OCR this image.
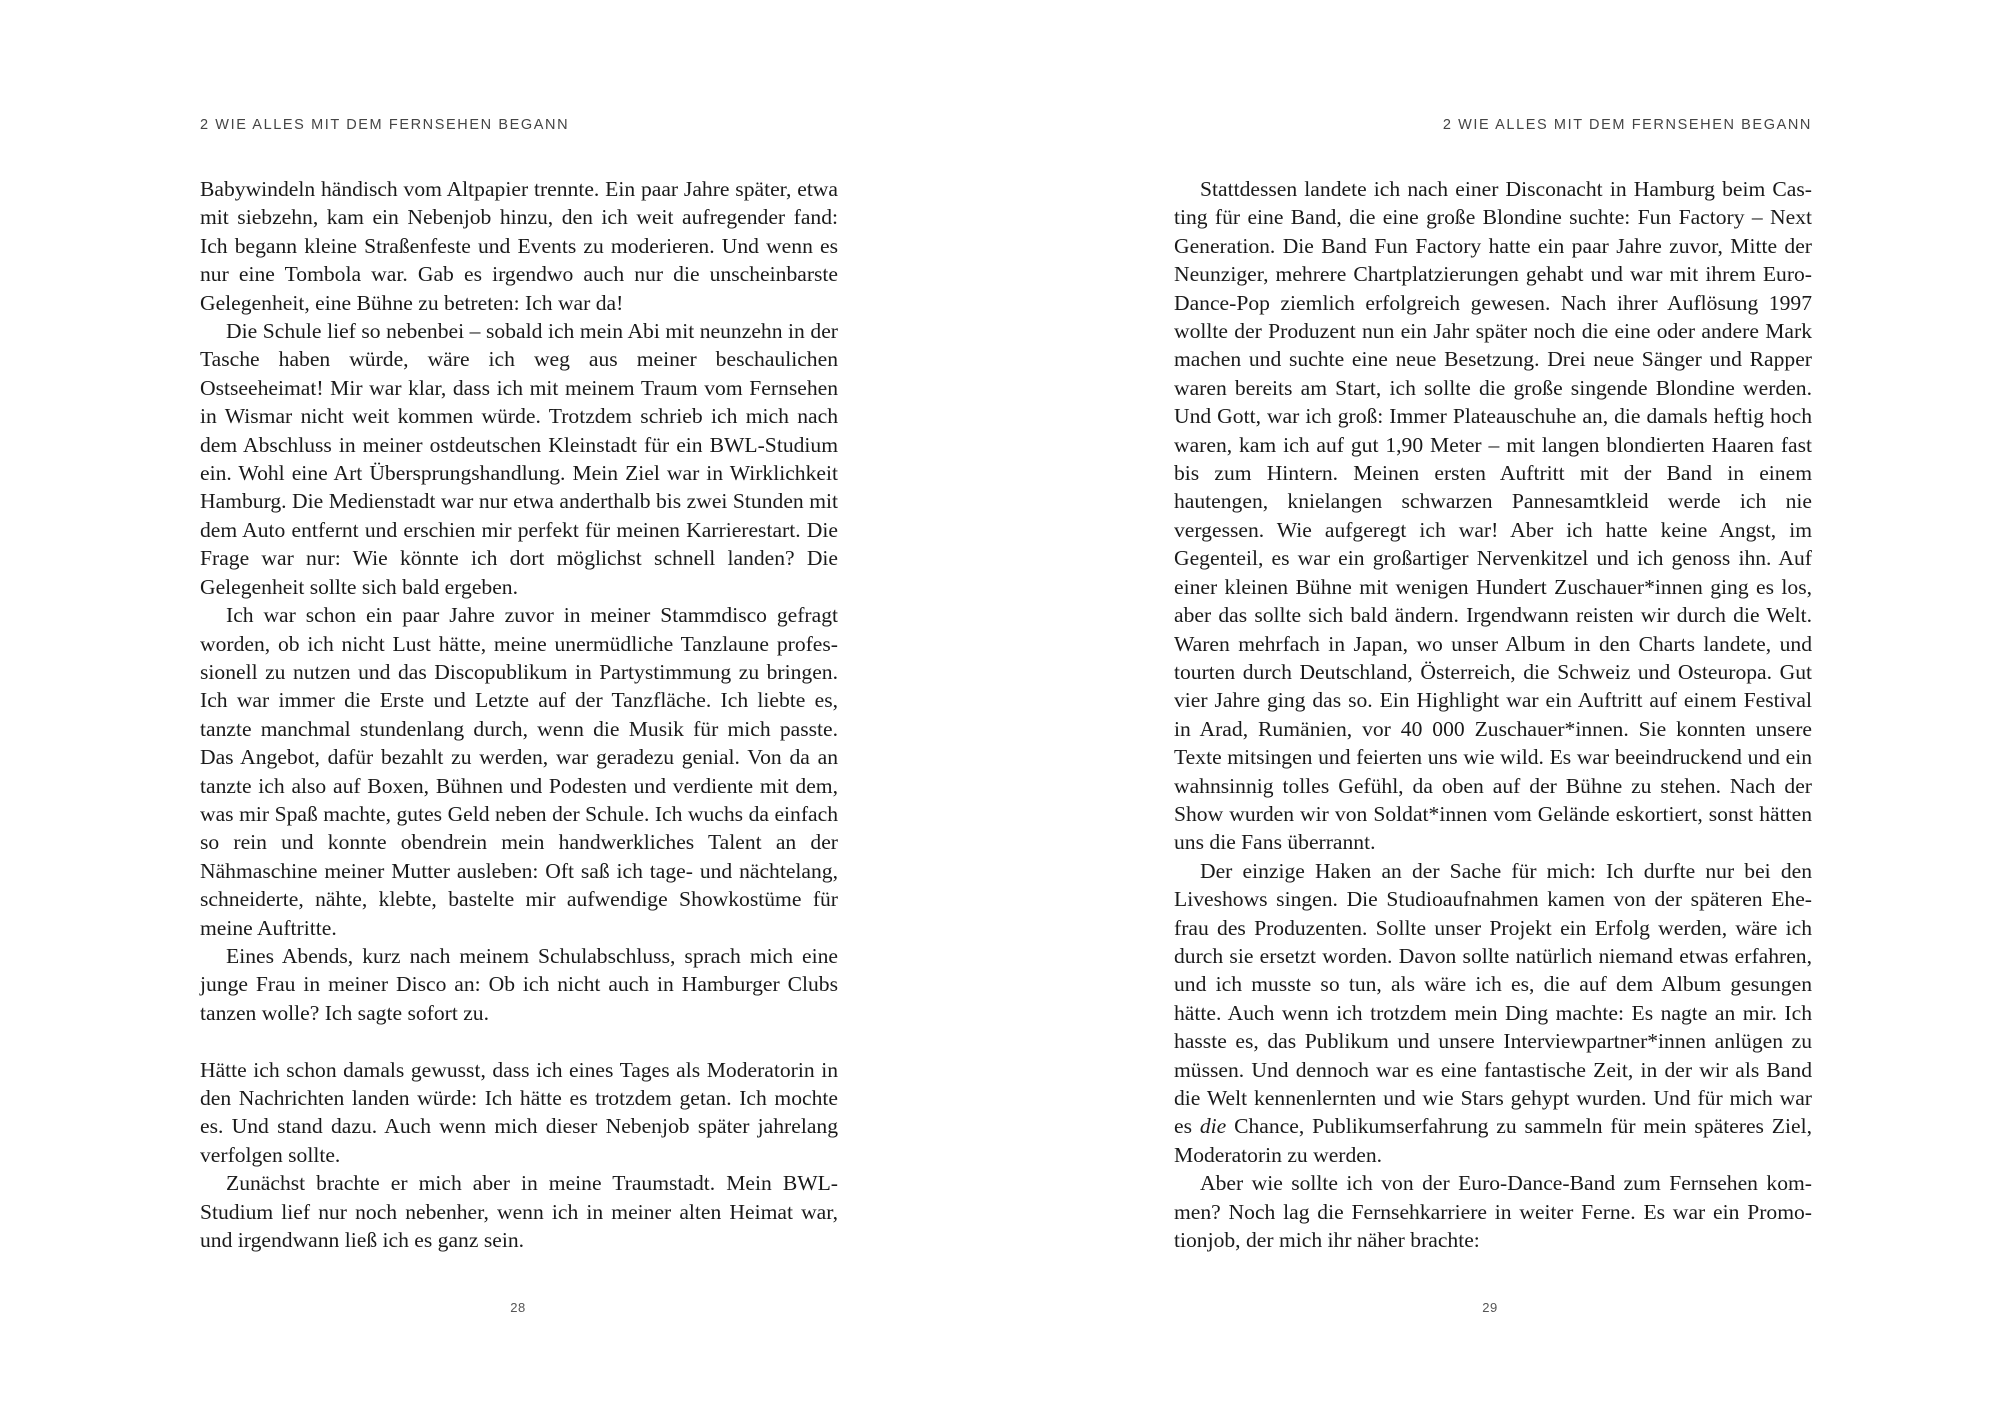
2 WIE ALLES MIT DEM FERNSEHEN BEGANN

Babywindeln händisch vom Altpapier trennte. Ein paar Jahre später, etwa mit siebzehn, kam ein Nebenjob hinzu, den ich weit aufregender fand: Ich begann kleine Straßenfeste und Events zu moderieren. Und wenn es nur eine Tombola war. Gab es irgendwo auch nur die unscheinbarste Gelegenheit, eine Bühne zu betreten: Ich war da!

Die Schule lief so nebenbei – sobald ich mein Abi mit neunzehn in der Tasche haben würde, wäre ich weg aus meiner beschaulichen Ostseeheimat! Mir war klar, dass ich mit meinem Traum vom Fernsehen in Wismar nicht weit kommen würde. Trotzdem schrieb ich mich nach dem Abschluss in meiner ostdeutschen Kleinstadt für ein BWL-Studium ein. Wohl eine Art Übersprungshandlung. Mein Ziel war in Wirklichkeit Hamburg. Die Medienstadt war nur etwa anderthalb bis zwei Stunden mit dem Auto entfernt und erschien mir perfekt für meinen Karrierestart. Die Frage war nur: Wie könnte ich dort möglichst schnell landen? Die Gelegenheit sollte sich bald ergeben.

Ich war schon ein paar Jahre zuvor in meiner Stammdisco gefragt worden, ob ich nicht Lust hätte, meine unermüdliche Tanzlaune professionell zu nutzen und das Discopublikum in Partystimmung zu bringen. Ich war immer die Erste und Letzte auf der Tanzfläche. Ich liebte es, tanzte manchmal stundenlang durch, wenn die Musik für mich passte. Das Angebot, dafür bezahlt zu werden, war geradezu genial. Von da an tanzte ich also auf Boxen, Bühnen und Podesten und verdiente mit dem, was mir Spaß machte, gutes Geld neben der Schule. Ich wuchs da einfach so rein und konnte obendrein mein handwerkliches Talent an der Nähmaschine meiner Mutter ausleben: Oft saß ich tage- und nächtelang, schneiderte, nähte, klebte, bastelte mir aufwendige Showkostüme für meine Auftritte.

Eines Abends, kurz nach meinem Schulabschluss, sprach mich eine junge Frau in meiner Disco an: Ob ich nicht auch in Hamburger Clubs tanzen wolle? Ich sagte sofort zu.

Hätte ich schon damals gewusst, dass ich eines Tages als Moderatorin in den Nachrichten landen würde: Ich hätte es trotzdem getan. Ich mochte es. Und stand dazu. Auch wenn mich dieser Nebenjob später jahrelang verfolgen sollte.

Zunächst brachte er mich aber in meine Traumstadt. Mein BWL-Studium lief nur noch nebenher, wenn ich in meiner alten Heimat war, und irgendwann ließ ich es ganz sein.

28
2 WIE ALLES MIT DEM FERNSEHEN BEGANN

Stattdessen landete ich nach einer Disconacht in Hamburg beim Casting für eine Band, die eine große Blondine suchte: Fun Factory – Next Generation. Die Band Fun Factory hatte ein paar Jahre zuvor, Mitte der Neunziger, mehrere Chartplatzierungen gehabt und war mit ihrem Euro-Dance-Pop ziemlich erfolgreich gewesen. Nach ihrer Auflösung 1997 wollte der Produzent nun ein Jahr später noch die eine oder andere Mark machen und suchte eine neue Besetzung. Drei neue Sänger und Rapper waren bereits am Start, ich sollte die große singende Blondine werden. Und Gott, war ich groß: Immer Plateauschuhe an, die damals heftig hoch waren, kam ich auf gut 1,90 Meter – mit langen blondierten Haaren fast bis zum Hintern. Meinen ersten Auftritt mit der Band in einem hautengen, knielangen schwarzen Pannesamtkleid werde ich nie vergessen. Wie aufgeregt ich war! Aber ich hatte keine Angst, im Gegenteil, es war ein großartiger Nervenkitzel und ich genoss ihn. Auf einer kleinen Bühne mit wenigen Hundert Zuschauer*innen ging es los, aber das sollte sich bald ändern. Irgendwann reisten wir durch die Welt. Waren mehrfach in Japan, wo unser Album in den Charts landete, und tourten durch Deutschland, Österreich, die Schweiz und Osteuropa. Gut vier Jahre ging das so. Ein Highlight war ein Auftritt auf einem Festival in Arad, Rumänien, vor 40 000 Zuschauer*innen. Sie konnten unsere Texte mitsingen und feierten uns wie wild. Es war beeindruckend und ein wahnsinnig tolles Gefühl, da oben auf der Bühne zu stehen. Nach der Show wurden wir von Soldat*innen vom Gelände eskortiert, sonst hätten uns die Fans überrannt.

Der einzige Haken an der Sache für mich: Ich durfte nur bei den Liveshows singen. Die Studioaufnahmen kamen von der späteren Ehefrau des Produzenten. Sollte unser Projekt ein Erfolg werden, wäre ich durch sie ersetzt worden. Davon sollte natürlich niemand etwas erfahren, und ich musste so tun, als wäre ich es, die auf dem Album gesungen hätte. Auch wenn ich trotzdem mein Ding machte: Es nagte an mir. Ich hasste es, das Publikum und unsere Interviewpartner*innen anlügen zu müssen. Und dennoch war es eine fantastische Zeit, in der wir als Band die Welt kennenlernten und wie Stars gehypt wurden. Und für mich war es die Chance, Publikumserfahrung zu sammeln für mein späteres Ziel, Moderatorin zu werden.

Aber wie sollte ich von der Euro-Dance-Band zum Fernsehen kommen? Noch lag die Fernsehkarriere in weiter Ferne. Es war ein Promotionjob, der mich ihr näher brachte:

29
